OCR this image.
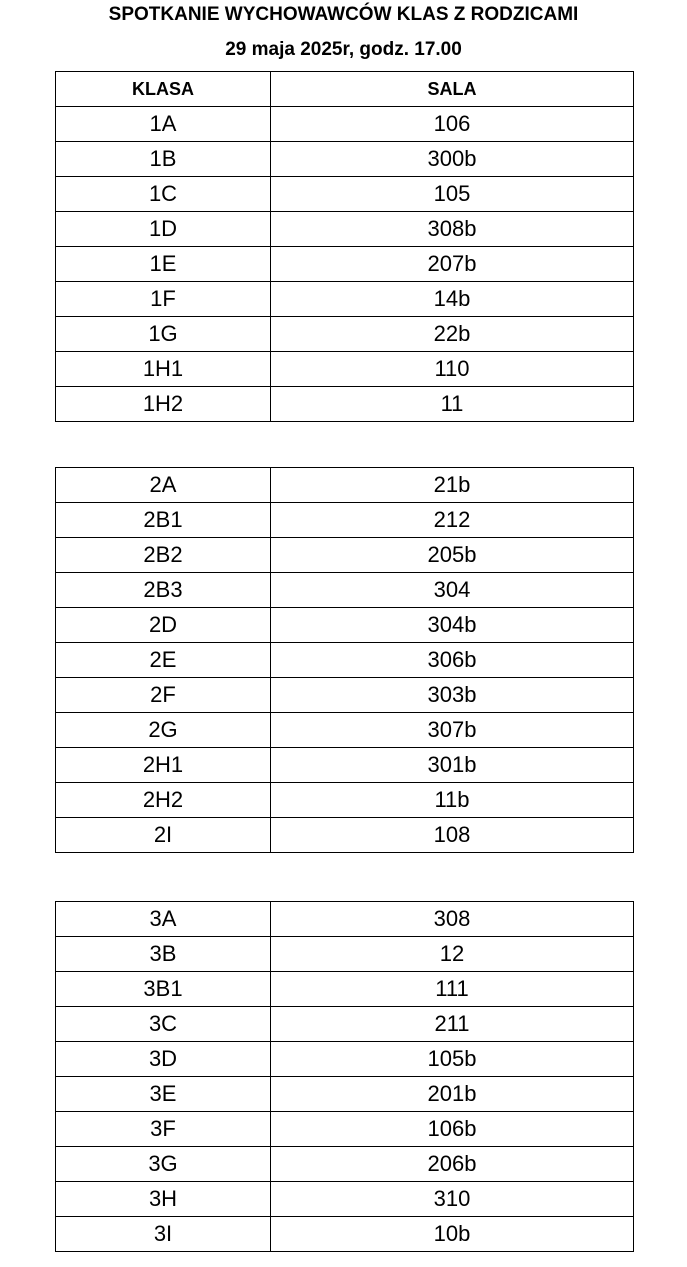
SPOTKANIE WYCHOWAWCÓW KLAS Z RODZICAMI
29 maja 2025r, godz. 17.00
KLASA	SALA
1A	106
1B	300b
1C	105
1D	308b
1E	207b
1F	14b
1G	22b
1H1	110
1H2	11
2A	21b
2B1	212
2B2	205b
2B3	304
2D	304b
2E	306b
2F	303b
2G	307b
2H1	301b
2H2	11b
2I	108
3A	308
3B	12
3B1	111
3C	211
3D	105b
3E	201b
3F	106b
3G	206b
3H	310
3I	10b
